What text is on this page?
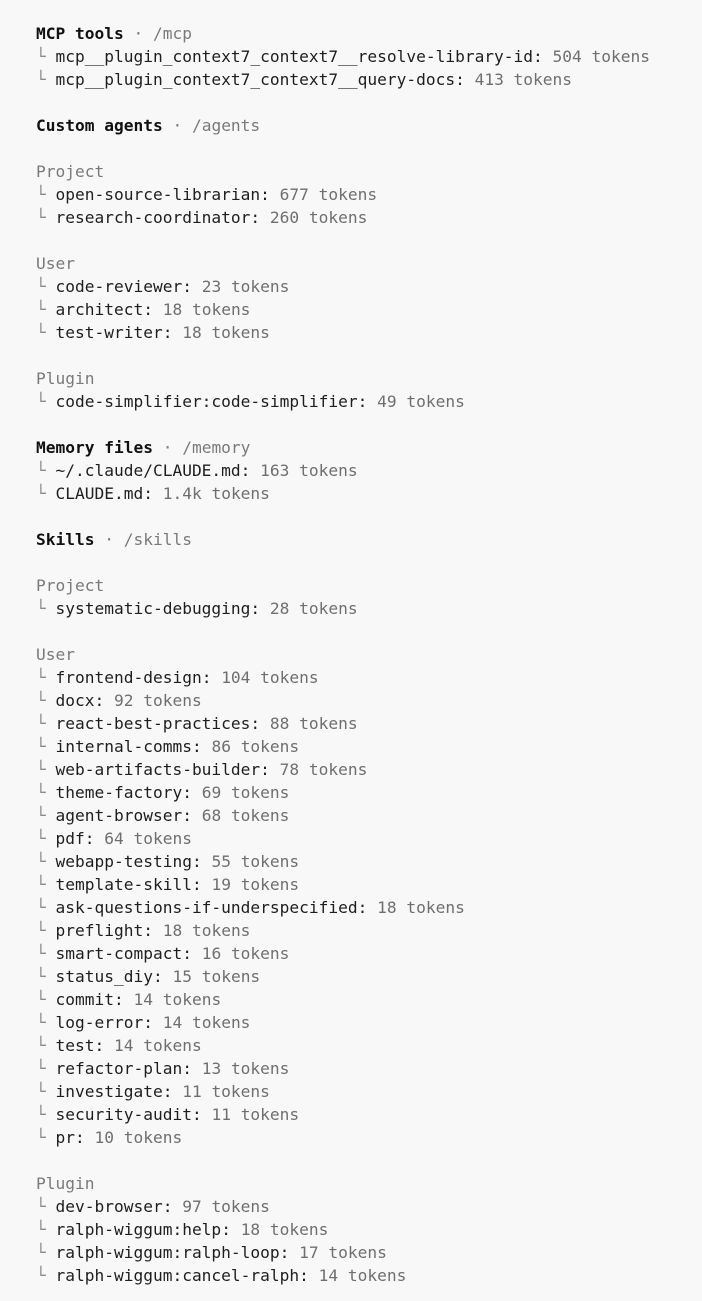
MCP tools · /mcp
└ mcp__plugin_context7_context7__resolve-library-id: 504 tokens
└ mcp__plugin_context7_context7__query-docs: 413 tokens
Custom agents · /agents
Project
└ open-source-librarian: 677 tokens
└ research-coordinator: 260 tokens
User
└ code-reviewer: 23 tokens
└ architect: 18 tokens
└ test-writer: 18 tokens
Plugin
└ code-simplifier:code-simplifier: 49 tokens
Memory files · /memory
└ ~/.claude/CLAUDE.md: 163 tokens
└ CLAUDE.md: 1.4k tokens
Skills · /skills
Project
└ systematic-debugging: 28 tokens
User
└ frontend-design: 104 tokens
└ docx: 92 tokens
└ react-best-practices: 88 tokens
└ internal-comms: 86 tokens
└ web-artifacts-builder: 78 tokens
└ theme-factory: 69 tokens
└ agent-browser: 68 tokens
└ pdf: 64 tokens
└ webapp-testing: 55 tokens
└ template-skill: 19 tokens
└ ask-questions-if-underspecified: 18 tokens
└ preflight: 18 tokens
└ smart-compact: 16 tokens
└ status_diy: 15 tokens
└ commit: 14 tokens
└ log-error: 14 tokens
└ test: 14 tokens
└ refactor-plan: 13 tokens
└ investigate: 11 tokens
└ security-audit: 11 tokens
└ pr: 10 tokens
Plugin
└ dev-browser: 97 tokens
└ ralph-wiggum:help: 18 tokens
└ ralph-wiggum:ralph-loop: 17 tokens
└ ralph-wiggum:cancel-ralph: 14 tokens
